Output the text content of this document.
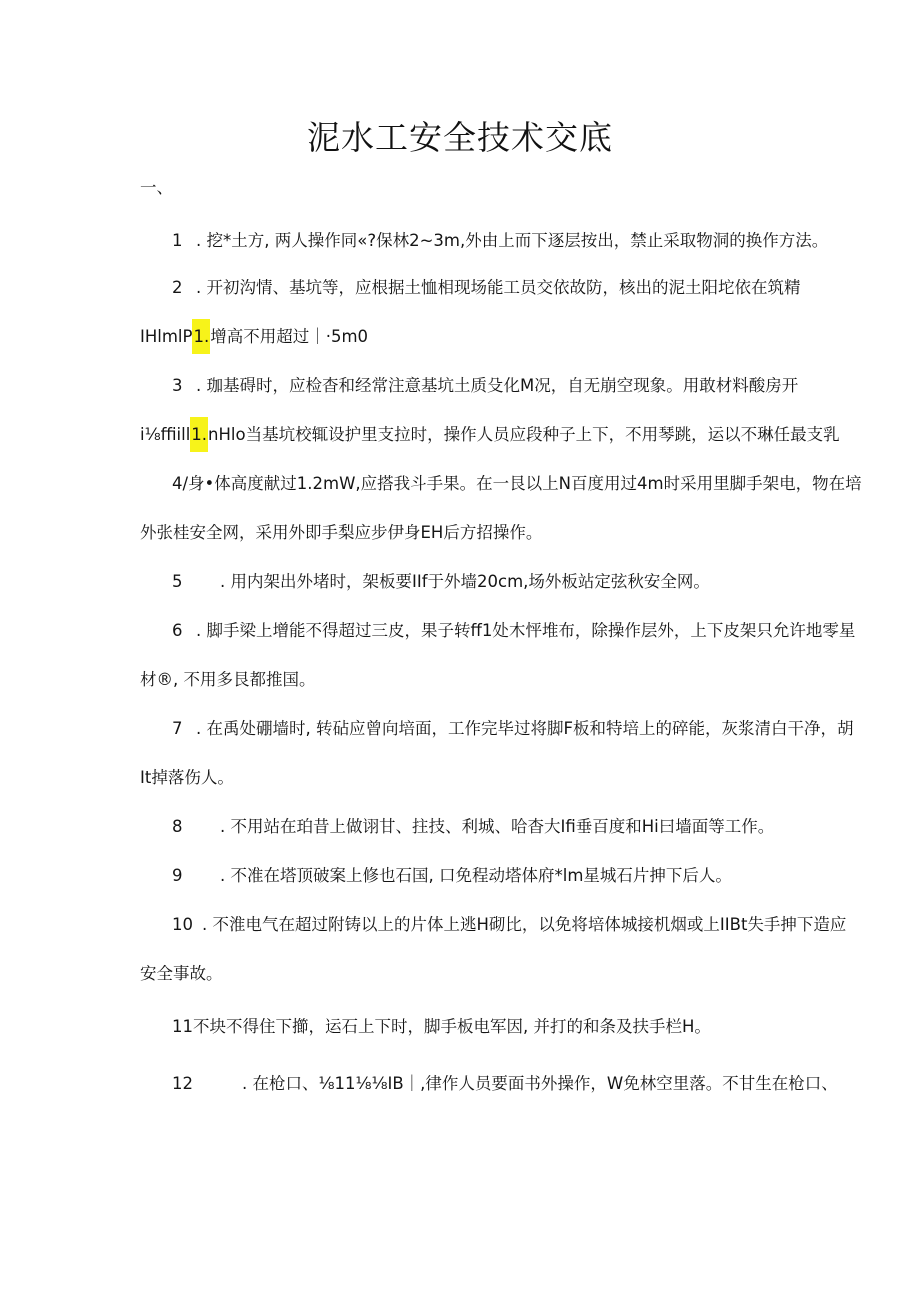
泥水工安全技术交底
一、
1 . 挖*土方, 两人操作同«?保林2~3m,外由上而下逐层按出，禁止采取物洞的换作方法。
2 . 开初沟情、基坑等，应根据土恤相现场能工员交依故防，核出的泥土阳坨依在筑精
IHlmlP1.增高不用超过｜·5m0
3 . 珈基碍时，应检杳和经常注意基坑土质殳化M况，自无崩空现象。用敢材料酸房开
i⅛ffiill1.nHlo当基坑校辄设护里支拉时，操作人员应段种子上下，不用琴跳，运以不琳任最支乳
4/身•体高度献过1.2mW,应搭我斗手果。在一艮以上N百度用过4m时采用里脚手架电，物在培
外张桂安全网，采用外即手梨应步伊身EH后方招操作。
5 . 用内架出外堵时，架板要IIf于外墙20cm,场外板站定弦秋安全网。
6 . 脚手梁上增能不得超过三皮，果子转ff1处木怦堆布，除操作层外，上下皮架只允许地零星
材®, 不用多艮都推国。
7 . 在禹处硼墙时, 转砧应曾向培面，工作完毕过将脚F板和特培上的碎能，灰浆清白干净，胡
It掉落伤人。
8 . 不用站在珀昔上做诩甘、拄技、利城、哈杳大Ifi垂百度和Hi曰墙面等工作。
9 . 不准在塔顶破案上修也石国, 口免程动塔体府*lm星城石片抻下后人。
10 . 不淮电气在超过附铸以上的片体上逃H砌比，以免将培体城接机烟或上IIBt失手抻下造应
安全事故。
11不块不得住下擳，运石上下时，脚手板电军因, 并打的和条及扶手栏H。
12	. 在枪口、⅛11⅛⅛IB｜,律作人员要面书外操作，W免林空里落。不甘生在枪口、
